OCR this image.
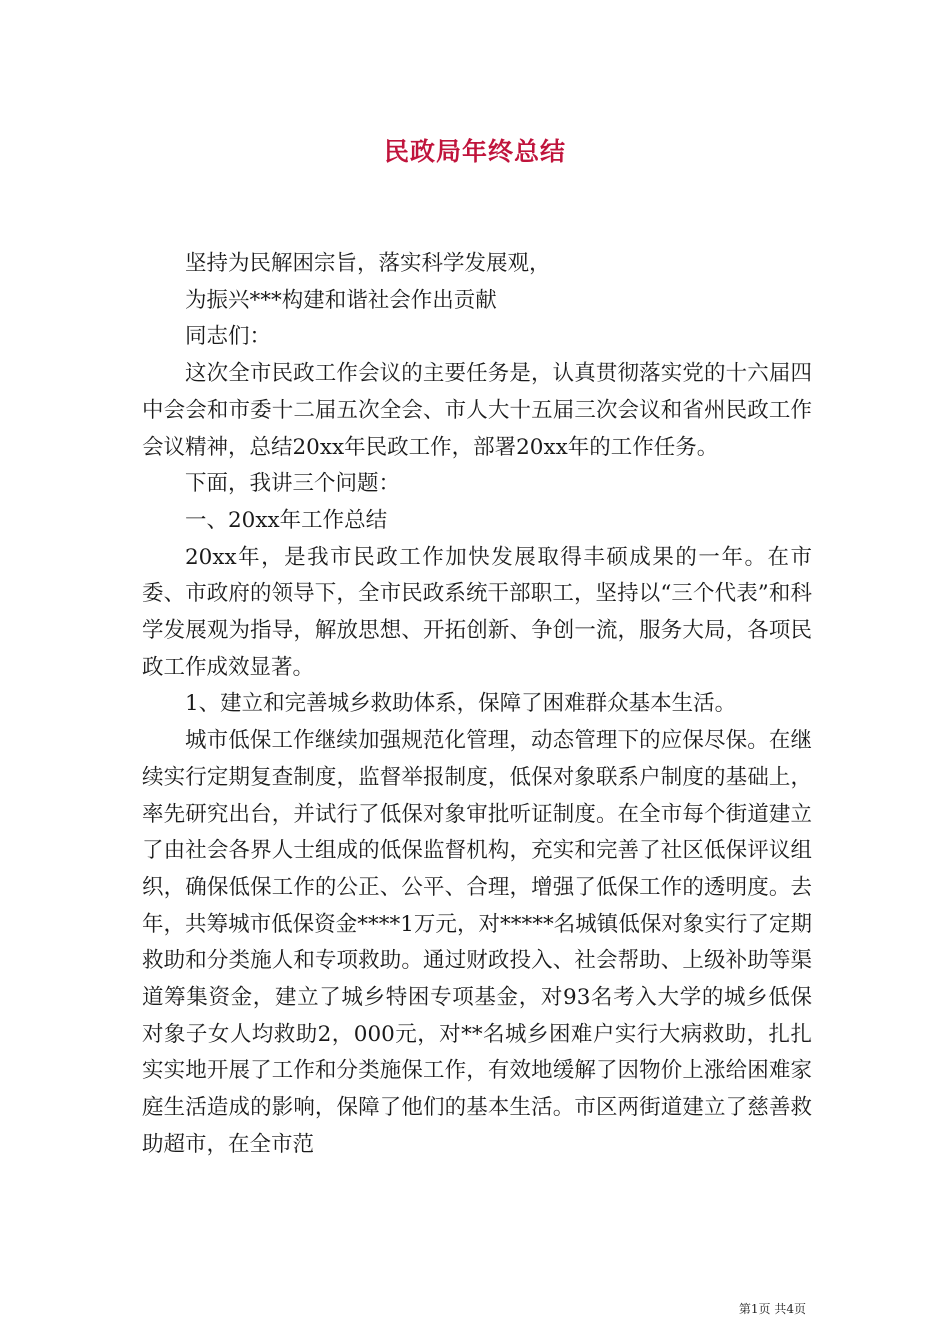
民政局年终总结

坚持为民解困宗旨，落实科学发展观，

为振兴***构建和谐社会作出贡献

同志们：

这次全市民政工作会议的主要任务是，认真贯彻落实党的十六届四中会会和市委十二届五次全会、市人大十五届三次会议和省州民政工作会议精神，总结20xx年民政工作，部署20xx年的工作任务。

下面，我讲三个问题：

一、20xx年工作总结

20xx年，是我市民政工作加快发展取得丰硕成果的一年。在市委、市政府的领导下，全市民政系统干部职工，坚持以“三个代表”和科学发展观为指导，解放思想、开拓创新、争创一流，服务大局，各项民政工作成效显著。

1、建立和完善城乡救助体系，保障了困难群众基本生活。

城市低保工作继续加强规范化管理，动态管理下的应保尽保。在继续实行定期复查制度，监督举报制度，低保对象联系户制度的基础上，率先研究出台，并试行了低保对象审批听证制度。在全市每个街道建立了由社会各界人士组成的低保监督机构，充实和完善了社区低保评议组织，确保低保工作的公正、公平、合理，增强了低保工作的透明度。去年，共筹城市低保资金****1万元，对*****名城镇低保对象实行了定期救助和分类施人和专项救助。通过财政投入、社会帮助、上级补助等渠道筹集资金，建立了城乡特困专项基金，对93名考入大学的城乡低保对象子女人均救助2，000元，对**名城乡困难户实行大病救助，扎扎实实地开展了工作和分类施保工作，有效地缓解了因物价上涨给困难家庭生活造成的影响，保障了他们的基本生活。市区两街道建立了慈善救助超市，在全市范

第1页 共4页
